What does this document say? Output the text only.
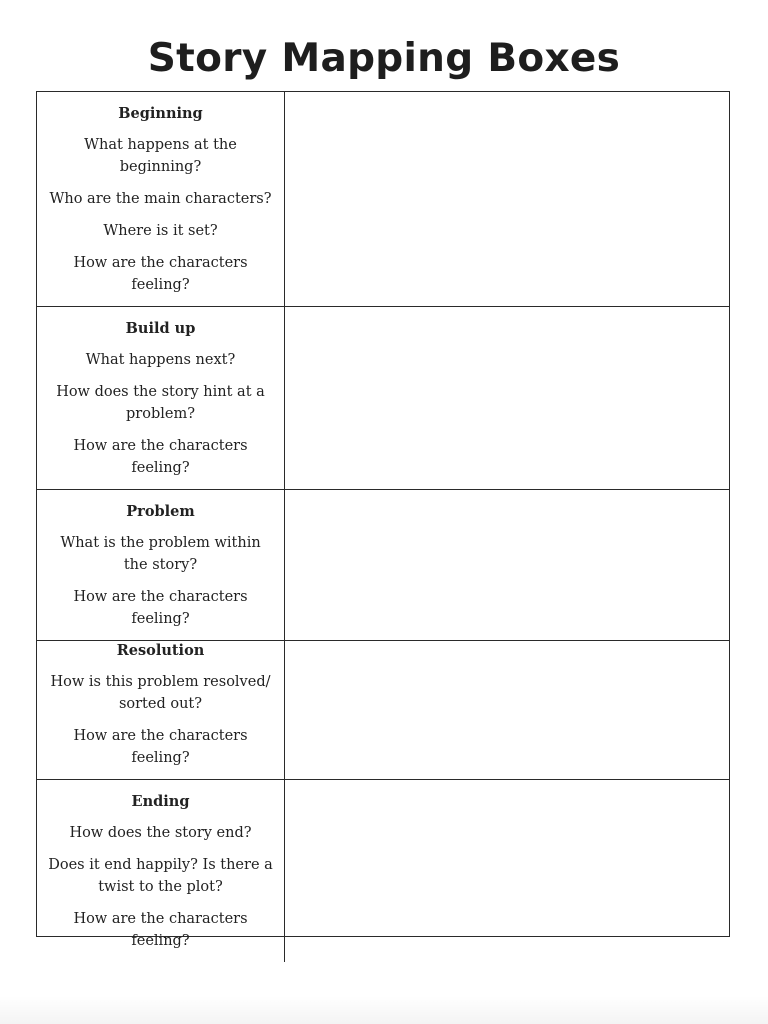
Story Mapping Boxes
Beginning
What happens at the beginning?
Who are the main characters?
Where is it set?
How are the characters feeling?
Build up
What happens next?
How does the story hint at a problem?
How are the characters feeling?
Problem
What is the problem within the story?
How are the characters feeling?
Resolution
How is this problem resolved/ sorted out?
How are the characters feeling?
Ending
How does the story end?
Does it end happily? Is there a twist to the plot?
How are the characters feeling?
